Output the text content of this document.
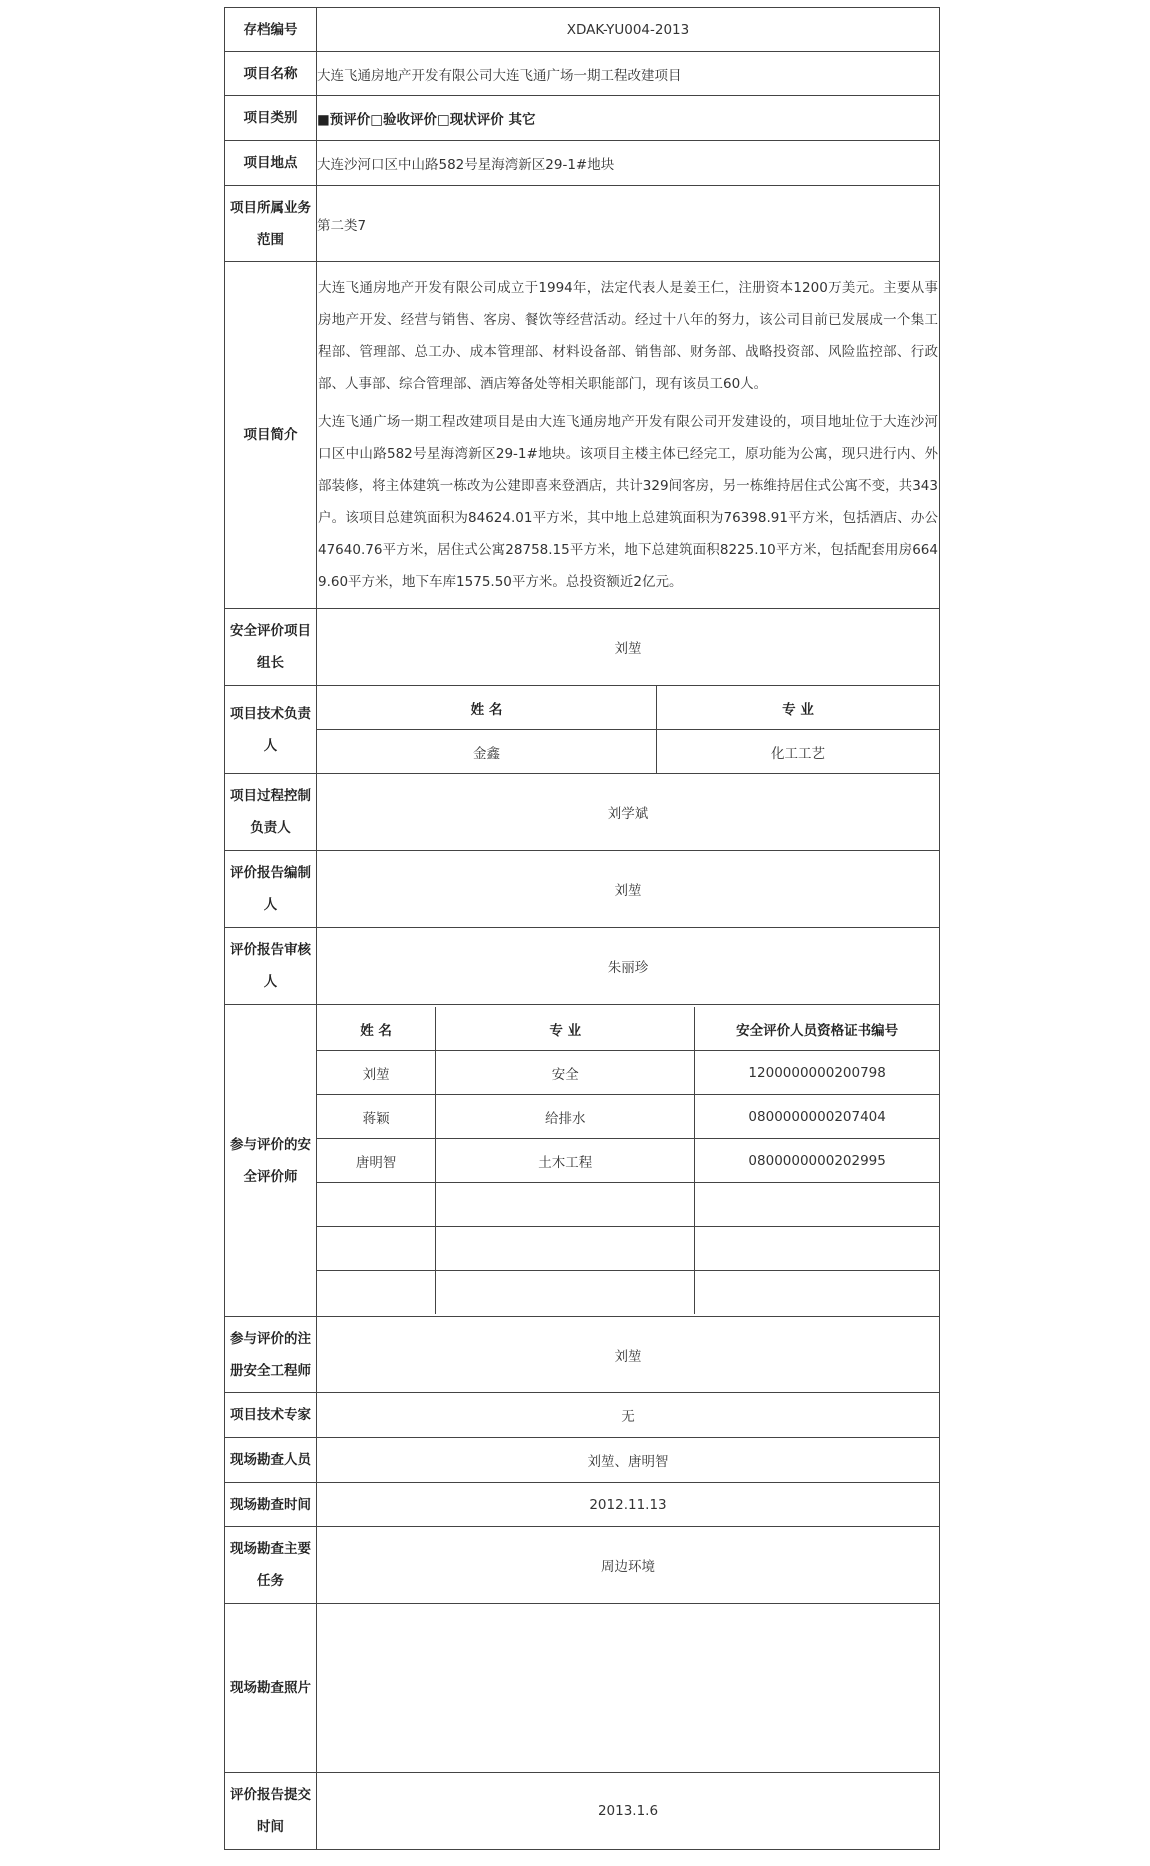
存档编号	XDAK-YU004-2013
项目名称	大连飞通房地产开发有限公司大连飞通广场一期工程改建项目
项目类别	■预评价□验收评价□现状评价 其它
项目地点	大连沙河口区中山路582号星海湾新区29-1#地块
项目所属业务范围	第二类7
项目简介	

大连飞通房地产开发有限公司成立于1994年，法定代表人是姜王仁，注册资本1200万美元。主要从事房地产开发、经营与销售、客房、餐饮等经营活动。经过十八年的努力，该公司目前已发展成一个集工程部、管理部、总工办、成本管理部、材料设备部、销售部、财务部、战略投资部、风险监控部、行政部、人事部、综合管理部、酒店筹备处等相关职能部门，现有该员工60人。

大连飞通广场一期工程改建项目是由大连飞通房地产开发有限公司开发建设的，项目地址位于大连沙河口区中山路582号星海湾新区29-1#地块。该项目主楼主体已经完工，原功能为公寓，现只进行内、外部装修，将主体建筑一栋改为公建即喜来登酒店，共计329间客房，另一栋维持居住式公寓不变，共343户。该项目总建筑面积为84624.01平方米，其中地上总建筑面积为76398.91平方米，包括酒店、办公47640.76平方米，居住式公寓28758.15平方米，地下总建筑面积8225.10平方米，包括配套用房6649.60平方米，地下车库1575.50平方米。总投资额近2亿元。

安全评价项目组长	刘堃
项目技术负责人	
姓 名	专 业
金鑫	化工工艺

项目过程控制负责人	刘学斌
评价报告编制人	刘堃
评价报告审核人	朱丽珍
参与评价的安全评价师	
姓 名	专 业	安全评价人员资格证书编号
刘堃	安全	1200000000200798
蒋颖	给排水	0800000000207404
唐明智	土木工程	0800000000202995

参与评价的注册安全工程师	刘堃
项目技术专家	无
现场勘查人员	刘堃、唐明智
现场勘查时间	2012.11.13
现场勘查主要任务	周边环境
现场勘查照片	
评价报告提交时间	2013.1.6
